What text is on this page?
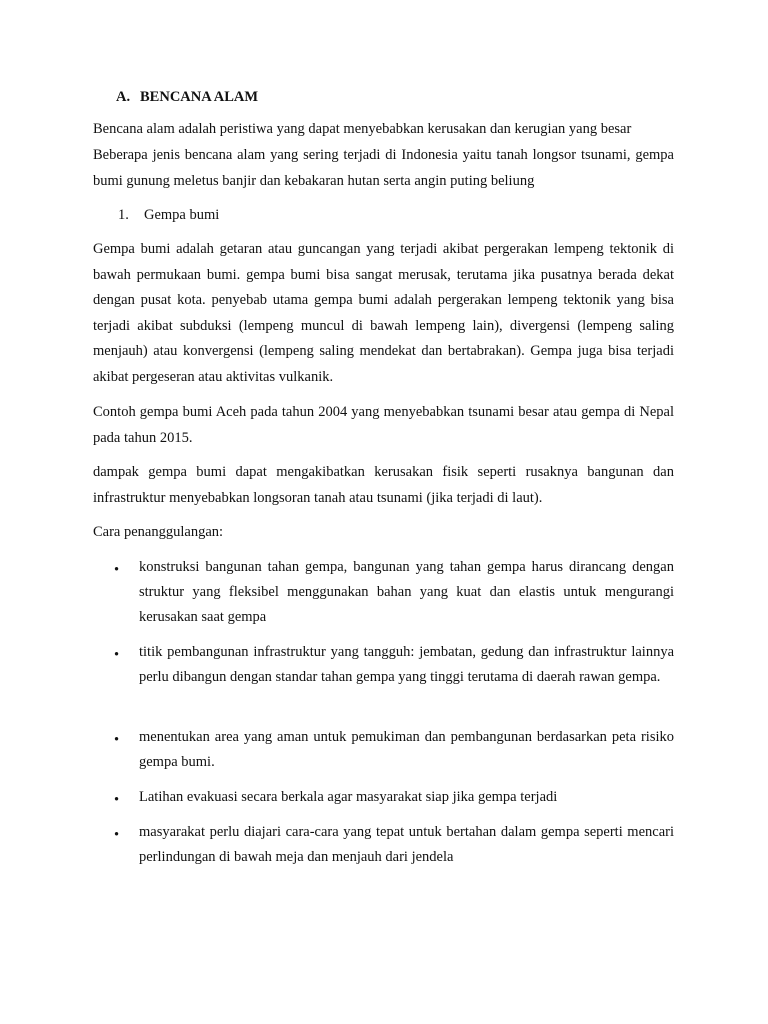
A. BENCANA ALAM

Bencana alam adalah peristiwa yang dapat menyebabkan kerusakan dan kerugian yang besar

Beberapa jenis bencana alam yang sering terjadi di Indonesia yaitu tanah longsor tsunami, gempa bumi gunung meletus banjir dan kebakaran hutan serta angin puting beliung

1. Gempa bumi

Gempa bumi adalah getaran atau guncangan yang terjadi akibat pergerakan lempeng tektonik di bawah permukaan bumi. gempa bumi bisa sangat merusak, terutama jika pusatnya berada dekat dengan pusat kota. penyebab utama gempa bumi adalah pergerakan lempeng tektonik yang bisa terjadi akibat subduksi (lempeng muncul di bawah lempeng lain), divergensi (lempeng saling menjauh) atau konvergensi (lempeng saling mendekat dan bertabrakan). Gempa juga bisa terjadi akibat pergeseran atau aktivitas vulkanik.

Contoh gempa bumi Aceh pada tahun 2004 yang menyebabkan tsunami besar atau gempa di Nepal pada tahun 2015.

dampak gempa bumi dapat mengakibatkan kerusakan fisik seperti rusaknya bangunan dan infrastruktur menyebabkan longsoran tanah atau tsunami (jika terjadi di laut).

Cara penanggulangan:

• konstruksi bangunan tahan gempa, bangunan yang tahan gempa harus dirancang dengan struktur yang fleksibel menggunakan bahan yang kuat dan elastis untuk mengurangi kerusakan saat gempa

• titik pembangunan infrastruktur yang tangguh: jembatan, gedung dan infrastruktur lainnya perlu dibangun dengan standar tahan gempa yang tinggi terutama di daerah rawan gempa.

• menentukan area yang aman untuk pemukiman dan pembangunan berdasarkan peta risiko gempa bumi.

• Latihan evakuasi secara berkala agar masyarakat siap jika gempa terjadi

• masyarakat perlu diajari cara-cara yang tepat untuk bertahan dalam gempa seperti mencari perlindungan di bawah meja dan menjauh dari jendela
